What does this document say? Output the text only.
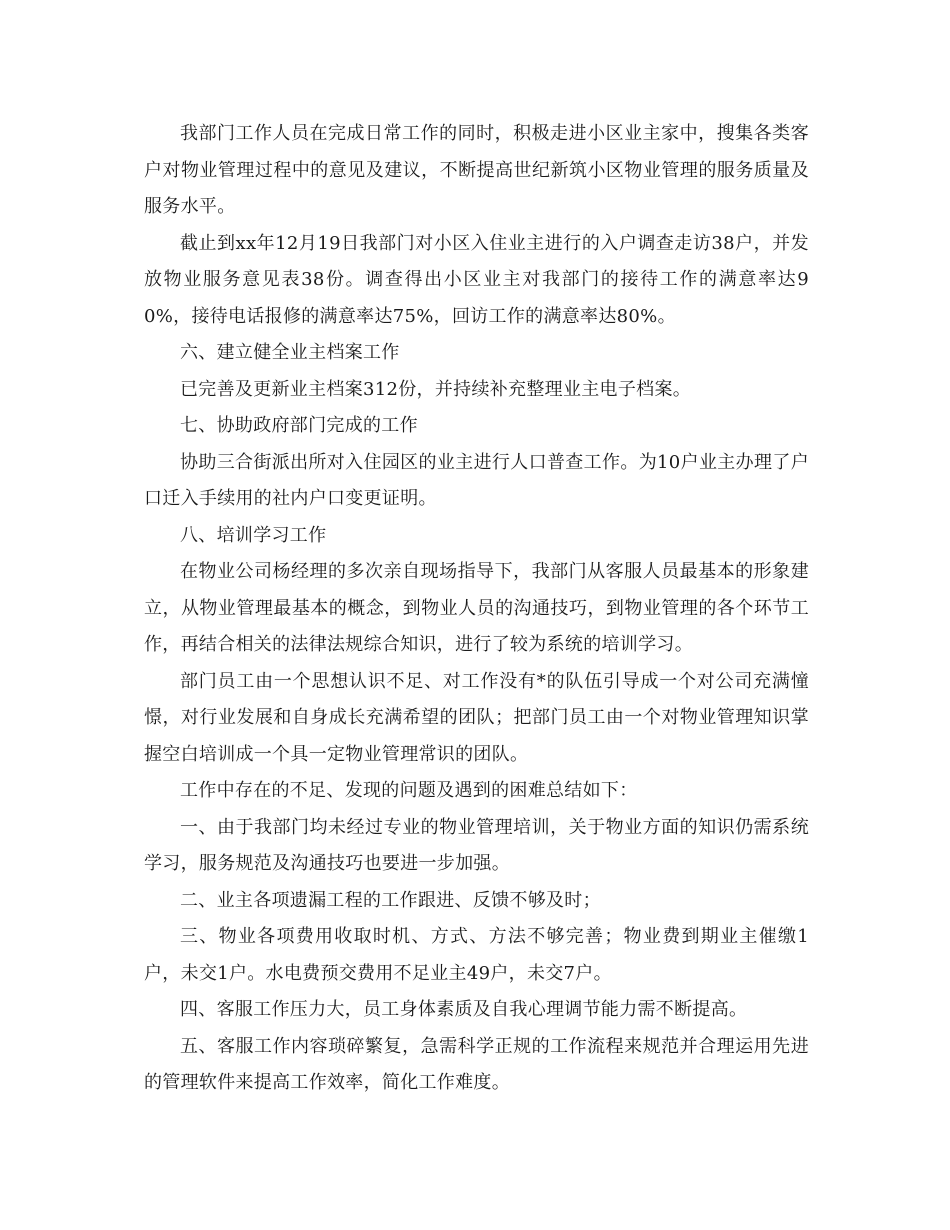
我部门工作人员在完成日常工作的同时，积极走进小区业主家中，搜集各类客户对物业管理过程中的意见及建议，不断提高世纪新筑小区物业管理的服务质量及服务水平。

截止到xx年12月19日我部门对小区入住业主进行的入户调查走访38户，并发放物业服务意见表38份。调查得出小区业主对我部门的接待工作的满意率达90%，接待电话报修的满意率达75%，回访工作的满意率达80%。

六、建立健全业主档案工作

已完善及更新业主档案312份，并持续补充整理业主电子档案。

七、协助政府部门完成的工作

协助三合街派出所对入住园区的业主进行人口普查工作。为10户业主办理了户口迁入手续用的社内户口变更证明。

八、培训学习工作

在物业公司杨经理的多次亲自现场指导下，我部门从客服人员最基本的形象建立，从物业管理最基本的概念，到物业人员的沟通技巧，到物业管理的各个环节工作，再结合相关的法律法规综合知识，进行了较为系统的培训学习。

部门员工由一个思想认识不足、对工作没有*的队伍引导成一个对公司充满憧憬，对行业发展和自身成长充满希望的团队；把部门员工由一个对物业管理知识掌握空白培训成一个具一定物业管理常识的团队。

工作中存在的不足、发现的问题及遇到的困难总结如下：

一、由于我部门均未经过专业的物业管理培训，关于物业方面的知识仍需系统学习，服务规范及沟通技巧也要进一步加强。

二、业主各项遗漏工程的工作跟进、反馈不够及时；

三、物业各项费用收取时机、方式、方法不够完善；物业费到期业主催缴1户，未交1户。水电费预交费用不足业主49户，未交7户。

四、客服工作压力大，员工身体素质及自我心理调节能力需不断提高。

五、客服工作内容琐碎繁复，急需科学正规的工作流程来规范并合理运用先进的管理软件来提高工作效率，简化工作难度。
